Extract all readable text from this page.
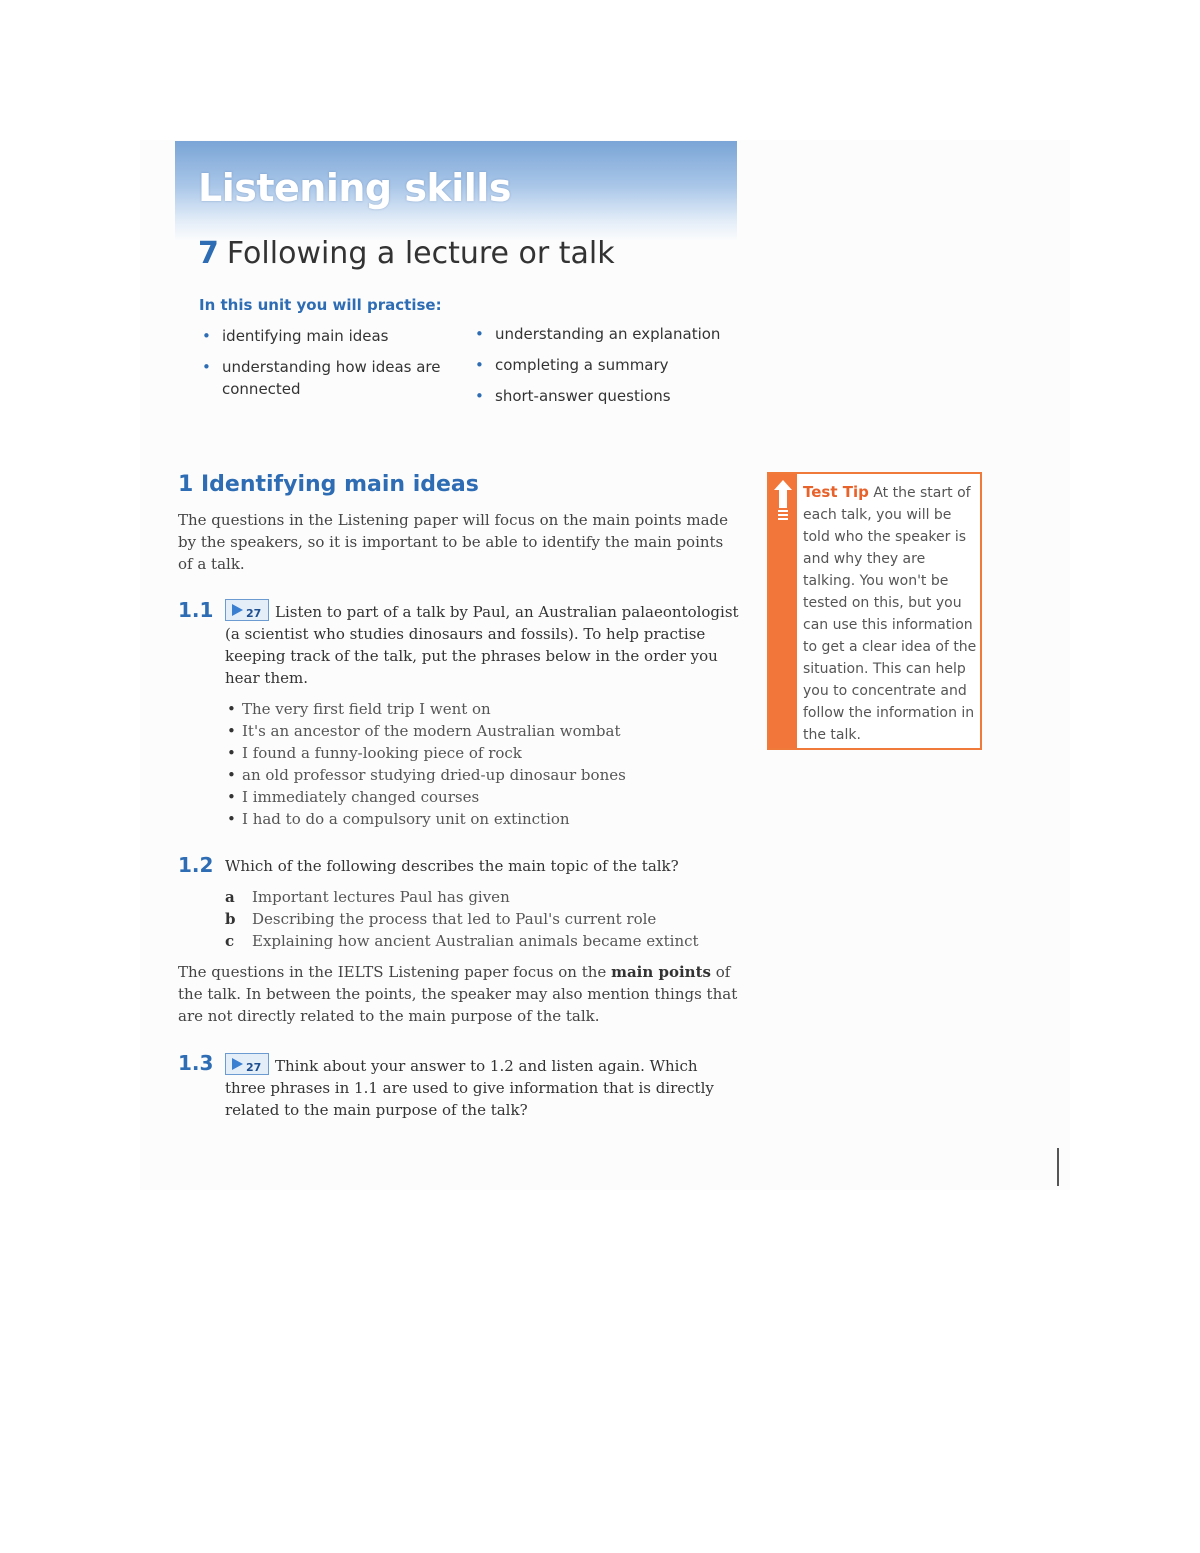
Listening skills
7 Following a lecture or talk

In this unit you will practise:

• identifying main ideas
• understanding how ideas are connected
• understanding an explanation
• completing a summary
• short-answer questions
1 Identifying main ideas

The questions in the Listening paper will focus on the main points made by the speakers, so it is important to be able to identify the main points of a talk.

1.1	27 Listen to part of a talk by Paul, an Australian palaeontologist (a scientist who studies dinosaurs and fossils). To help practise keeping track of the talk, put the phrases below in the order you hear them.

• The very first field trip I went on
• It's an ancestor of the modern Australian wombat
• I found a funny-looking piece of rock
• an old professor studying dried-up dinosaur bones
• I immediately changed courses
• I had to do a compulsory unit on extinction

1.2 Which of the following describes the main topic of the talk?

a Important lectures Paul has given
b Describing the process that led to Paul's current role
c Explaining how ancient Australian animals became extinct

The questions in the IELTS Listening paper focus on the main points of the talk. In between the points, the speaker may also mention things that are not directly related to the main purpose of the talk.

1.3	27 Think about your answer to 1.2 and listen again. Which three phrases in 1.1 are used to give information that is directly related to the main purpose of the talk?

Test Tip At the start of each talk, you will be told who the speaker is and why they are talking. You won't be tested on this, but you can use this information to get a clear idea of the situation. This can help you to concentrate and follow the information in the talk.
